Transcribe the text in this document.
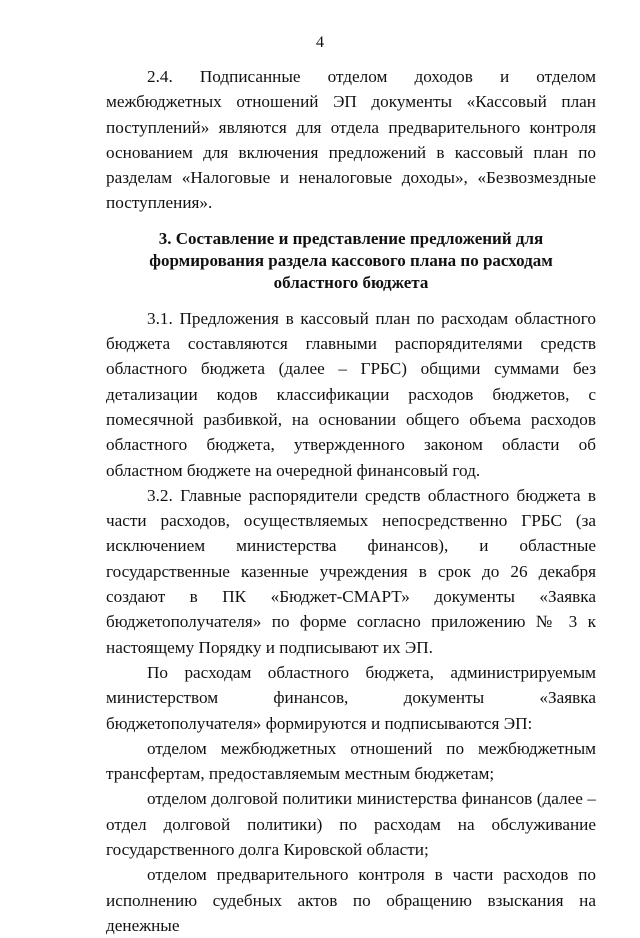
4

2.4. Подписанные отделом доходов и отделом межбюджетных отношений ЭП документы «Кассовый план поступлений» являются для отдела предварительного контроля основанием для включения предложений в кассовый план по разделам «Налоговые и неналоговые доходы», «Безвозмездные поступления».

3. Составление и представление предложений для формирования раздела кассового плана по расходам областного бюджета

3.1. Предложения в кассовый план по расходам областного бюджета составляются главными распорядителями средств областного бюджета (далее – ГРБС) общими суммами без детализации кодов классификации расходов бюджетов, с помесячной разбивкой, на основании общего объема расходов областного бюджета, утвержденного законом области об областном бюджете на очередной финансовый год.

3.2. Главные распорядители средств областного бюджета в части расходов, осуществляемых непосредственно ГРБС (за исключением министерства финансов), и областные государственные казенные учреждения в срок до 26 декабря создают в ПК «Бюджет-СМАРТ» документы «Заявка бюджетополучателя» по форме согласно приложению № 3 к настоящему Порядку и подписывают их ЭП.

По расходам областного бюджета, администрируемым министерством финансов, документы «Заявка бюджетополучателя» формируются и подписываются ЭП:

отделом межбюджетных отношений по межбюджетным трансфертам, предоставляемым местным бюджетам;

отделом долговой политики министерства финансов (далее – отдел долговой политики) по расходам на обслуживание государственного долга Кировской области;

отделом предварительного контроля в части расходов по исполнению судебных актов по обращению взыскания на денежные
